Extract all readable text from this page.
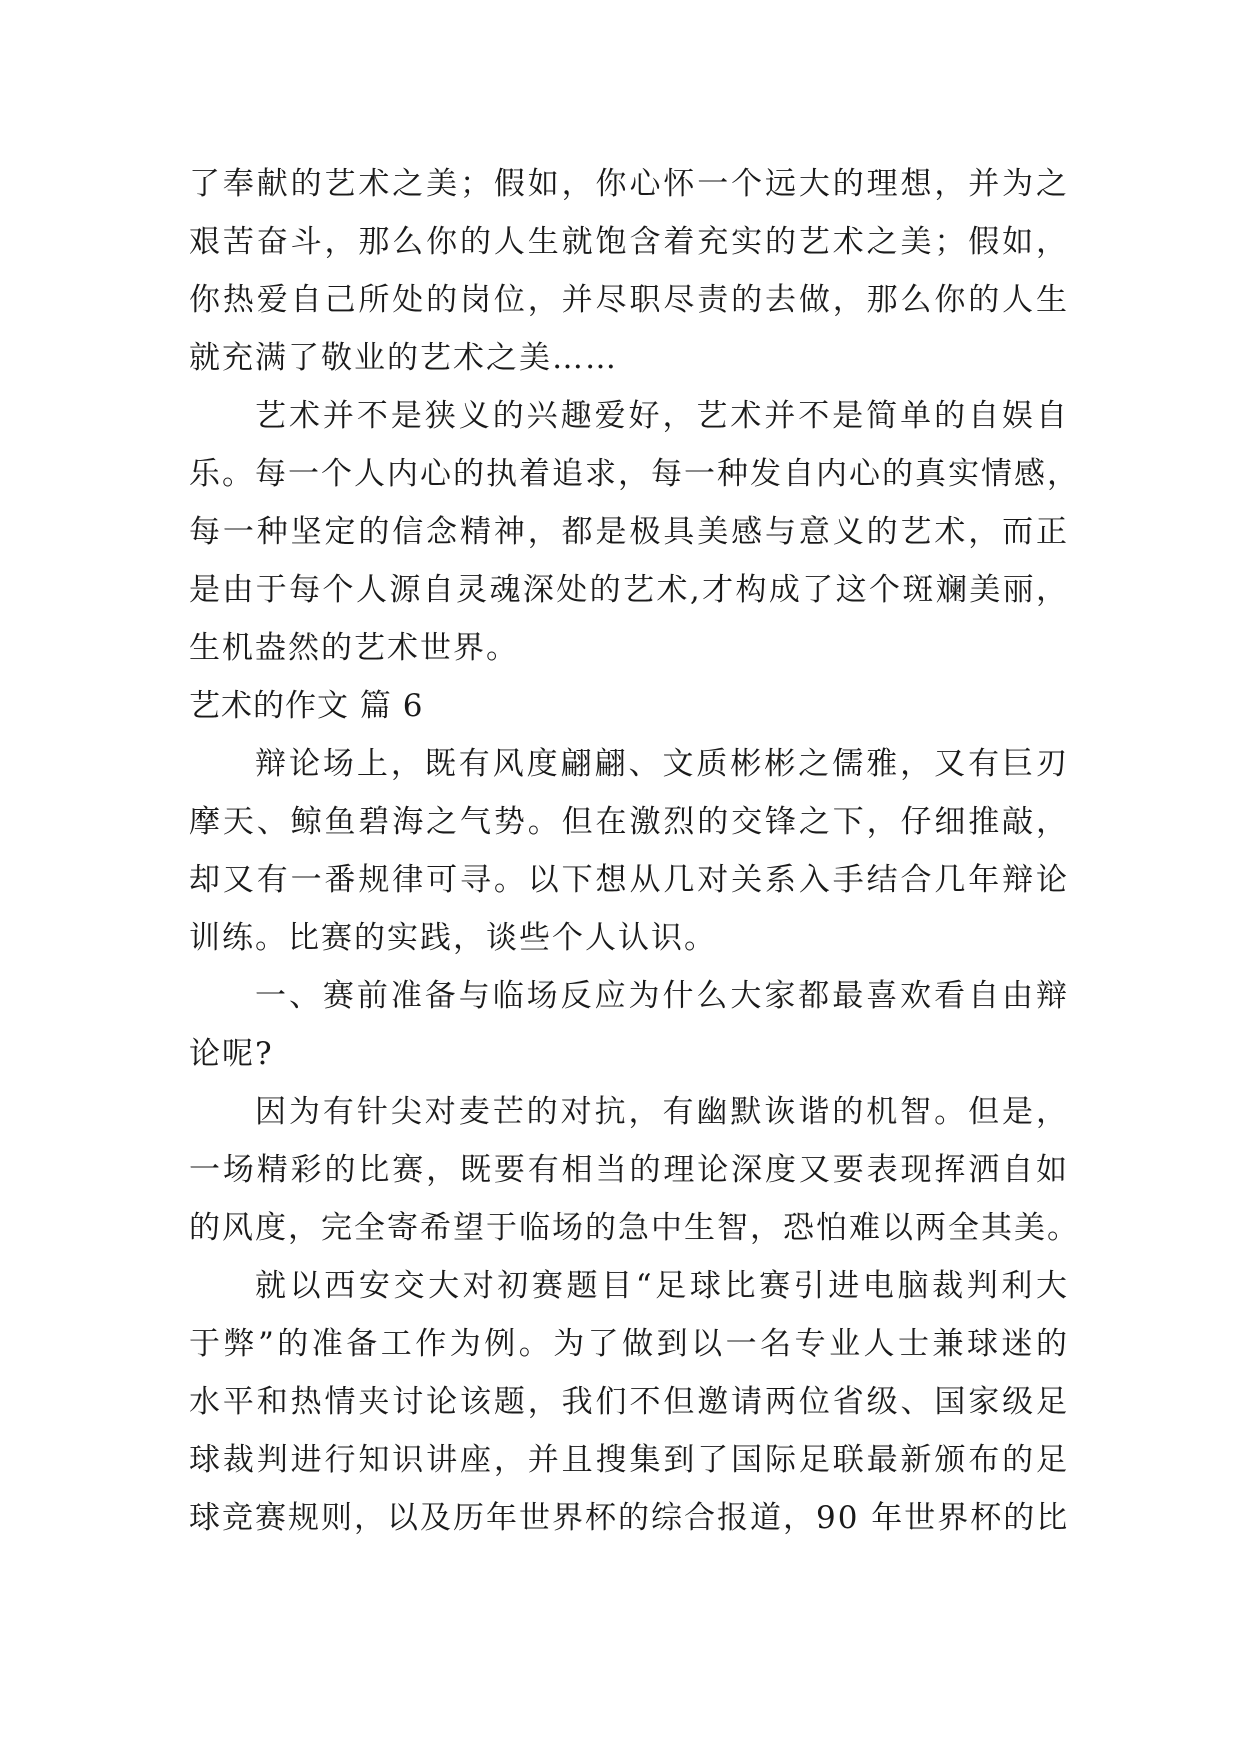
了奉献的艺术之美；假如，你心怀一个远大的理想，并为之
艰苦奋斗，那么你的人生就饱含着充实的艺术之美；假如，
你热爱自己所处的岗位，并尽职尽责的去做，那么你的人生
就充满了敬业的艺术之美……
艺术并不是狭义的兴趣爱好，艺术并不是简单的自娱自
乐。每一个人内心的执着追求，每一种发自内心的真实情感，
每一种坚定的信念精神，都是极具美感与意义的艺术，而正
是由于每个人源自灵魂深处的艺术,才构成了这个斑斓美丽，
生机盎然的艺术世界。
艺术的作文 篇 6
辩论场上，既有风度翩翩、文质彬彬之儒雅，又有巨刃
摩天、鲸鱼碧海之气势。但在激烈的交锋之下，仔细推敲，
却又有一番规律可寻。以下想从几对关系入手结合几年辩论
训练。比赛的实践，谈些个人认识。
一、赛前准备与临场反应为什么大家都最喜欢看自由辩
论呢?
因为有针尖对麦芒的对抗，有幽默诙谐的机智。但是，
一场精彩的比赛，既要有相当的理论深度又要表现挥洒自如
的风度，完全寄希望于临场的急中生智，恐怕难以两全其美。
就以西安交大对初赛题目“足球比赛引进电脑裁判利大
于弊”的准备工作为例。为了做到以一名专业人士兼球迷的
水平和热情夹讨论该题，我们不但邀请两位省级、国家级足
球裁判进行知识讲座，并且搜集到了国际足联最新颁布的足
球竞赛规则，以及历年世界杯的综合报道，90 年世界杯的比
